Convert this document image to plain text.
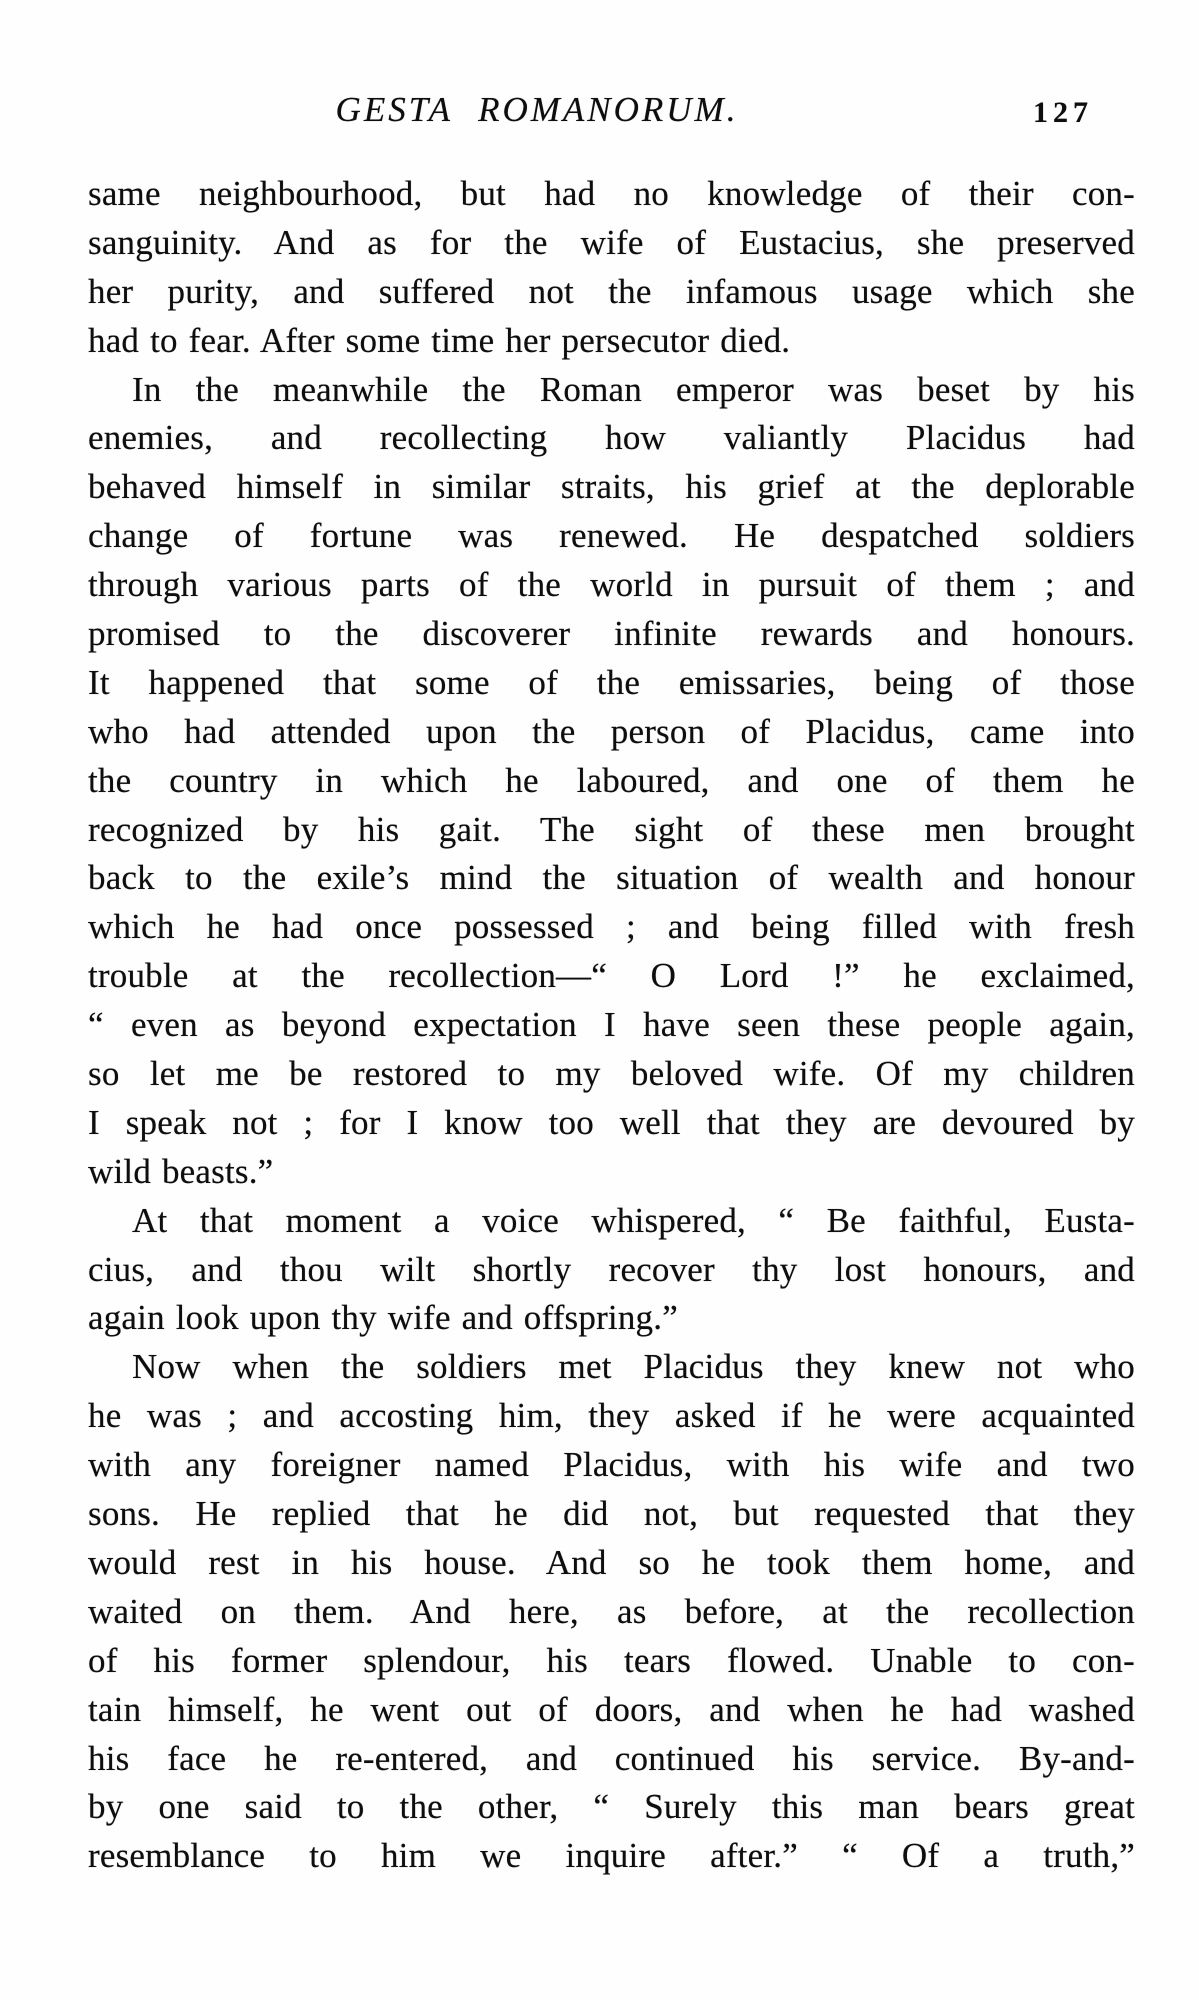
GESTA ROMANORUM.	127
same neighbourhood, but had no knowledge of their con-
sanguinity. And as for the wife of Eustacius, she preserved
her purity, and suffered not the infamous usage which she
had to fear. After some time her persecutor died.
In the meanwhile the Roman emperor was beset by his
enemies, and recollecting how valiantly Placidus had
behaved himself in similar straits, his grief at the deplorable
change of fortune was renewed. He despatched soldiers
through various parts of the world in pursuit of them ; and
promised to the discoverer infinite rewards and honours.
It happened that some of the emissaries, being of those
who had attended upon the person of Placidus, came into
the country in which he laboured, and one of them he
recognized by his gait. The sight of these men brought
back to the exile’s mind the situation of wealth and honour
which he had once possessed ; and being filled with fresh
trouble at the recollection—“ O Lord !” he exclaimed,
“ even as beyond expectation I have seen these people again,
so let me be restored to my beloved wife. Of my children
I speak not ; for I know too well that they are devoured by
wild beasts.”
At that moment a voice whispered, “ Be faithful, Eusta-
cius, and thou wilt shortly recover thy lost honours, and
again look upon thy wife and offspring.”
Now when the soldiers met Placidus they knew not who
he was ; and accosting him, they asked if he were acquainted
with any foreigner named Placidus, with his wife and two
sons. He replied that he did not, but requested that they
would rest in his house. And so he took them home, and
waited on them. And here, as before, at the recollection
of his former splendour, his tears flowed. Unable to con-
tain himself, he went out of doors, and when he had washed
his face he re-entered, and continued his service. By-and-
by one said to the other, “ Surely this man bears great
resemblance to him we inquire after.” “ Of a truth,”
